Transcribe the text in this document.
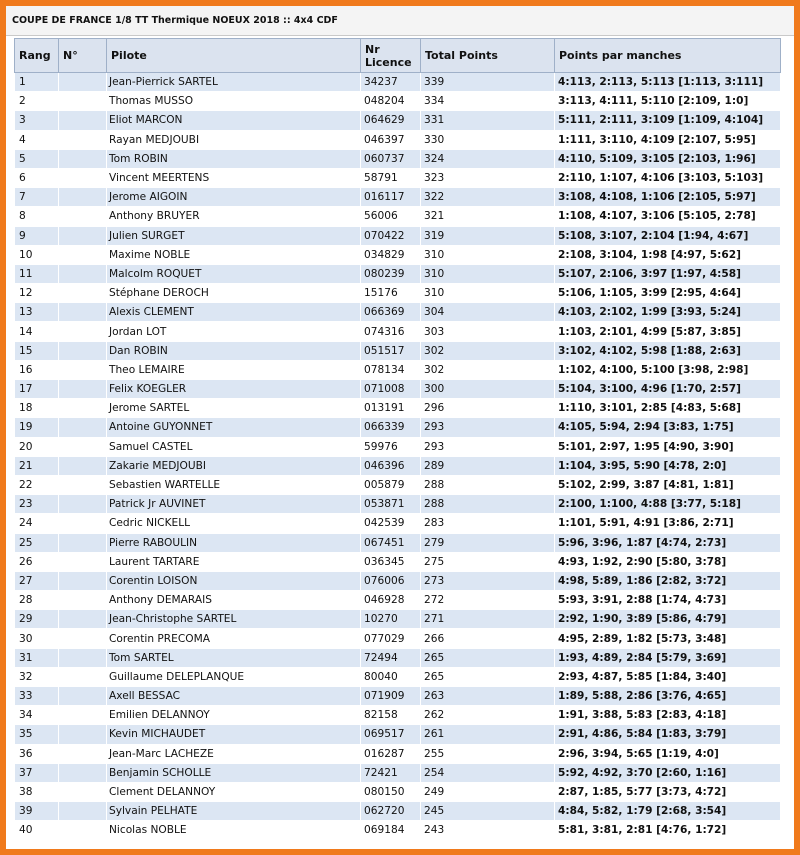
COUPE DE FRANCE 1/8 TT Thermique NOEUX 2018 :: 4x4 CDF
Rang	N°	Pilote	Nr Licence	Total Points	Points par manches
1		Jean-Pierrick SARTEL	34237	339	4:113, 2:113, 5:113 [1:113, 3:111]
2		Thomas MUSSO	048204	334	3:113, 4:111, 5:110 [2:109, 1:0]
3		Eliot MARCON	064629	331	5:111, 2:111, 3:109 [1:109, 4:104]
4		Rayan MEDJOUBI	046397	330	1:111, 3:110, 4:109 [2:107, 5:95]
5		Tom ROBIN	060737	324	4:110, 5:109, 3:105 [2:103, 1:96]
6		Vincent MEERTENS	58791	323	2:110, 1:107, 4:106 [3:103, 5:103]
7		Jerome AIGOIN	016117	322	3:108, 4:108, 1:106 [2:105, 5:97]
8		Anthony BRUYER	56006	321	1:108, 4:107, 3:106 [5:105, 2:78]
9		Julien SURGET	070422	319	5:108, 3:107, 2:104 [1:94, 4:67]
10		Maxime NOBLE	034829	310	2:108, 3:104, 1:98 [4:97, 5:62]
11		Malcolm ROQUET	080239	310	5:107, 2:106, 3:97 [1:97, 4:58]
12		Stéphane DEROCH	15176	310	5:106, 1:105, 3:99 [2:95, 4:64]
13		Alexis CLEMENT	066369	304	4:103, 2:102, 1:99 [3:93, 5:24]
14		Jordan LOT	074316	303	1:103, 2:101, 4:99 [5:87, 3:85]
15		Dan ROBIN	051517	302	3:102, 4:102, 5:98 [1:88, 2:63]
16		Theo LEMAIRE	078134	302	1:102, 4:100, 5:100 [3:98, 2:98]
17		Felix KOEGLER	071008	300	5:104, 3:100, 4:96 [1:70, 2:57]
18		Jerome SARTEL	013191	296	1:110, 3:101, 2:85 [4:83, 5:68]
19		Antoine GUYONNET	066339	293	4:105, 5:94, 2:94 [3:83, 1:75]
20		Samuel CASTEL	59976	293	5:101, 2:97, 1:95 [4:90, 3:90]
21		Zakarie MEDJOUBI	046396	289	1:104, 3:95, 5:90 [4:78, 2:0]
22		Sebastien WARTELLE	005879	288	5:102, 2:99, 3:87 [4:81, 1:81]
23		Patrick Jr AUVINET	053871	288	2:100, 1:100, 4:88 [3:77, 5:18]
24		Cedric NICKELL	042539	283	1:101, 5:91, 4:91 [3:86, 2:71]
25		Pierre RABOULIN	067451	279	5:96, 3:96, 1:87 [4:74, 2:73]
26		Laurent TARTARE	036345	275	4:93, 1:92, 2:90 [5:80, 3:78]
27		Corentin LOISON	076006	273	4:98, 5:89, 1:86 [2:82, 3:72]
28		Anthony DEMARAIS	046928	272	5:93, 3:91, 2:88 [1:74, 4:73]
29		Jean-Christophe SARTEL	10270	271	2:92, 1:90, 3:89 [5:86, 4:79]
30		Corentin PRECOMA	077029	266	4:95, 2:89, 1:82 [5:73, 3:48]
31		Tom SARTEL	72494	265	1:93, 4:89, 2:84 [5:79, 3:69]
32		Guillaume DELEPLANQUE	80040	265	2:93, 4:87, 5:85 [1:84, 3:40]
33		Axell BESSAC	071909	263	1:89, 5:88, 2:86 [3:76, 4:65]
34		Emilien DELANNOY	82158	262	1:91, 3:88, 5:83 [2:83, 4:18]
35		Kevin MICHAUDET	069517	261	2:91, 4:86, 5:84 [1:83, 3:79]
36		Jean-Marc LACHEZE	016287	255	2:96, 3:94, 5:65 [1:19, 4:0]
37		Benjamin SCHOLLE	72421	254	5:92, 4:92, 3:70 [2:60, 1:16]
38		Clement DELANNOY	080150	249	2:87, 1:85, 5:77 [3:73, 4:72]
39		Sylvain PELHATE	062720	245	4:84, 5:82, 1:79 [2:68, 3:54]
40		Nicolas NOBLE	069184	243	5:81, 3:81, 2:81 [4:76, 1:72]
